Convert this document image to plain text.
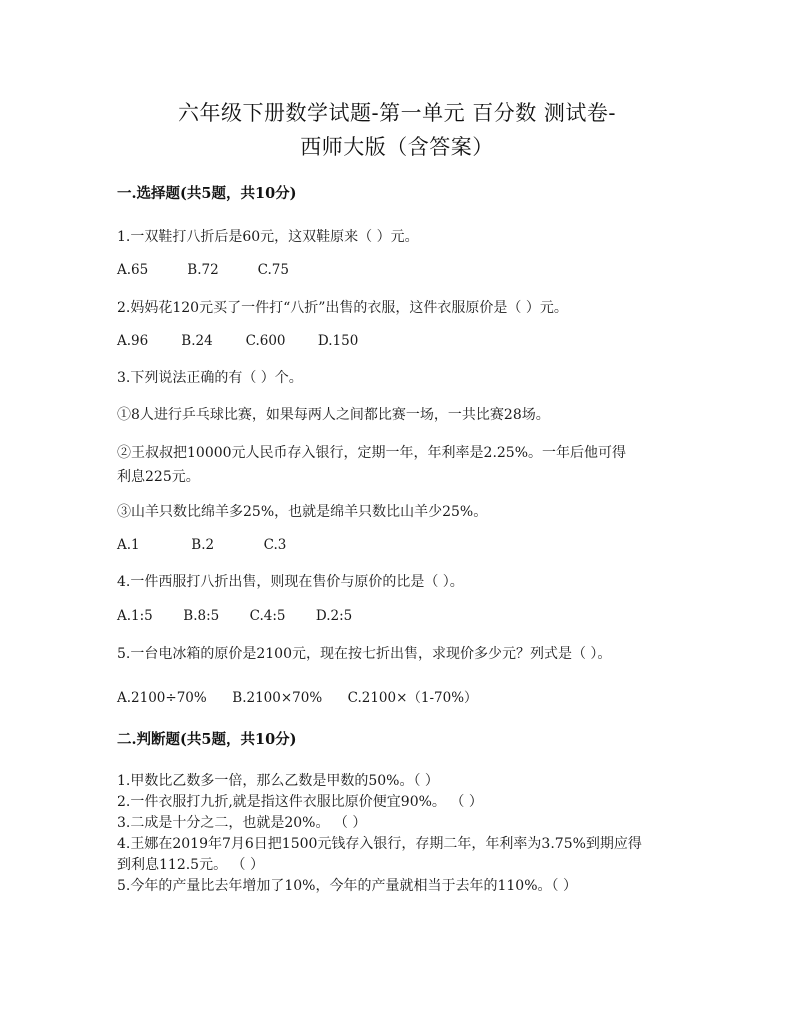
六年级下册数学试题-第一单元 百分数 测试卷-
西师大版（含答案）
一.选择题(共5题，共10分)
1.一双鞋打八折后是60元，这双鞋原来（ ）元。
A.65	B.72	C.75
2.妈妈花120元买了一件打“八折”出售的衣服，这件衣服原价是（ ）元。
A.96 B.24 C.600 D.150
3.下列说法正确的有（ ）个。
①8人进行乒乓球比赛，如果每两人之间都比赛一场，一共比赛28场。
②王叔叔把10000元人民币存入银行，定期一年，年利率是2.25%。一年后他可得
利息225元。
③山羊只数比绵羊多25%，也就是绵羊只数比山羊少25%。
A.1	B.2	C.3
4.一件西服打八折出售，则现在售价与原价的比是（ ）。
A.1:5 B.8:5 C.4:5 D.2:5
5.一台电冰箱的原价是2100元，现在按七折出售，求现价多少元？列式是（ ）。
A.2100÷70% B.2100×70% C.2100×（1-70%）
二.判断题(共5题，共10分)
1.甲数比乙数多一倍，那么乙数是甲数的50%。（ ）
2.一件衣服打九折,就是指这件衣服比原价便宜90%。 （ ）
3.二成是十分之二，也就是20%。 （ ）
4.王娜在2019年7月6日把1500元钱存入银行，存期二年，年利率为3.75%到期应得
到利息112.5元。 （ ）
5.今年的产量比去年增加了10%，今年的产量就相当于去年的110%。（ ）
